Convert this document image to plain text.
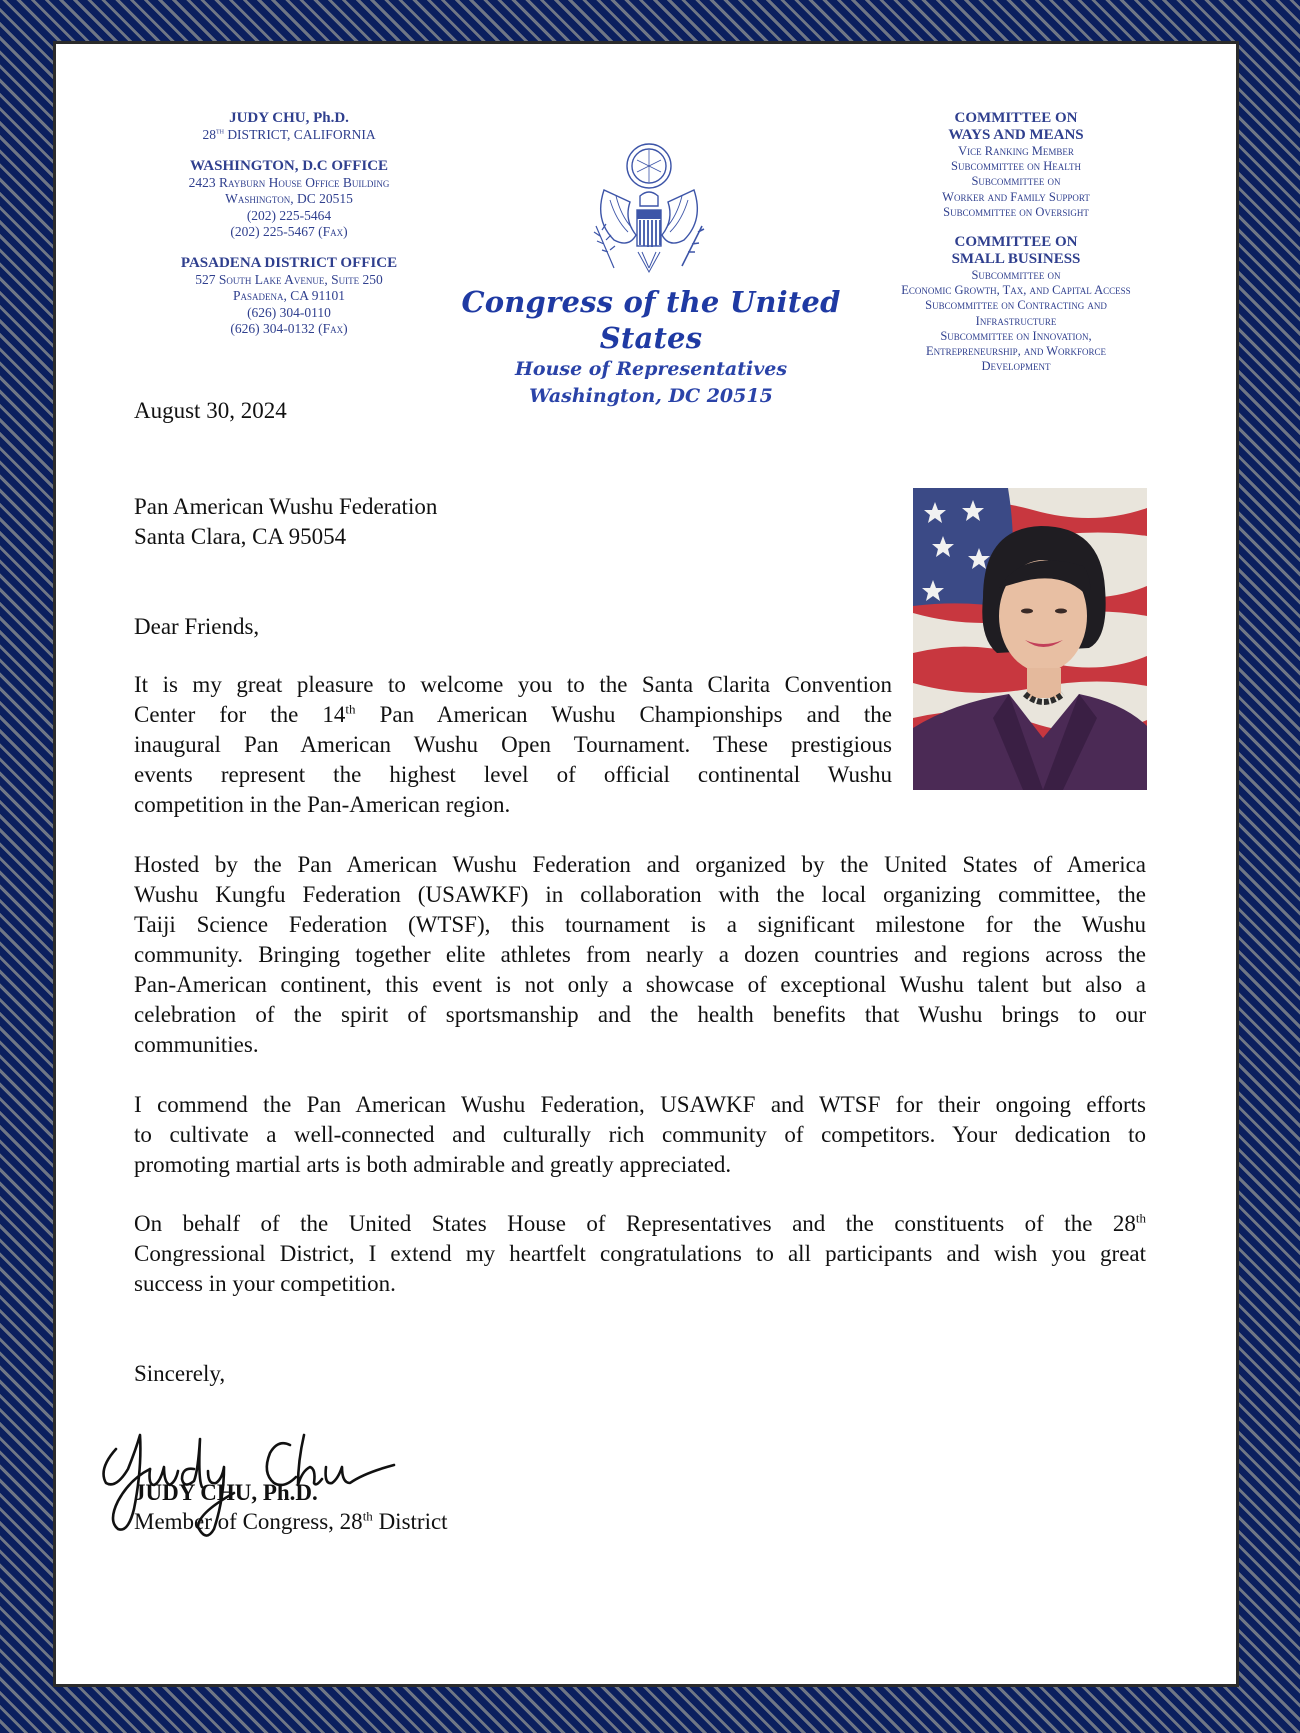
JUDY CHU, Ph.D.
28th DISTRICT, CALIFORNIA
WASHINGTON, D.C OFFICE
2423 Rayburn House Office Building
Washington, DC 20515
(202) 225-5464
(202) 225-5467 (Fax)
PASADENA DISTRICT OFFICE
527 South Lake Avenue, Suite 250
Pasadena, CA 91101
(626) 304-0110
(626) 304-0132 (Fax)
Congress of the United States
House of Representatives
Washington, DC 20515
COMMITTEE ON
WAYS AND MEANS
Vice Ranking Member
Subcommittee on Health
Subcommittee on
Worker and Family Support
Subcommittee on Oversight
COMMITTEE ON
SMALL BUSINESS
Subcommittee on
Economic Growth, Tax, and Capital Access
Subcommittee on Contracting and
Infrastructure
Subcommittee on Innovation,
Entrepreneurship, and Workforce
Development
August 30, 2024
Pan American Wushu Federation
Santa Clara, CA 95054
Dear Friends,
It is my great pleasure to welcome you to the Santa Clarita Convention
Center for the 14th Pan American Wushu Championships and the
inaugural Pan American Wushu Open Tournament. These prestigious
events represent the highest level of official continental Wushu
competition in the Pan-American region.
Hosted by the Pan American Wushu Federation and organized by the United States of America
Wushu Kungfu Federation (USAWKF) in collaboration with the local organizing committee, the
Taiji Science Federation (WTSF), this tournament is a significant milestone for the Wushu
community. Bringing together elite athletes from nearly a dozen countries and regions across the
Pan-American continent, this event is not only a showcase of exceptional Wushu talent but also a
celebration of the spirit of sportsmanship and the health benefits that Wushu brings to our
communities.
I commend the Pan American Wushu Federation, USAWKF and WTSF for their ongoing efforts
to cultivate a well-connected and culturally rich community of competitors. Your dedication to
promoting martial arts is both admirable and greatly appreciated.
On behalf of the United States House of Representatives and the constituents of the 28th
Congressional District, I extend my heartfelt congratulations to all participants and wish you great
success in your competition.
Sincerely,
JUDY CHU, Ph.D.
Member of Congress, 28th District
